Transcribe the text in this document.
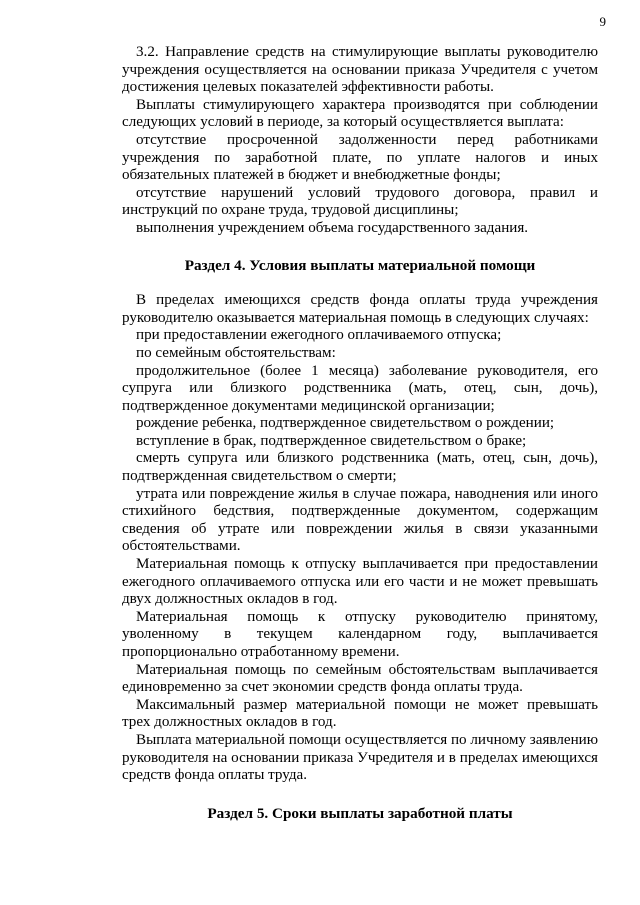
9

3.2. Направление средств на стимулирующие выплаты руководителю учреждения осуществляется на основании приказа Учредителя с учетом достижения целевых показателей эффективности работы.

Выплаты стимулирующего характера производятся при соблюдении следующих условий в периоде, за который осуществляется выплата:

отсутствие просроченной задолженности перед работниками учреждения по заработной плате, по уплате налогов и иных обязательных платежей в бюджет и внебюджетные фонды;

отсутствие нарушений условий трудового договора, правил и инструкций по охране труда, трудовой дисциплины;

выполнения учреждением объема государственного задания.

Раздел 4. Условия выплаты материальной помощи

В пределах имеющихся средств фонда оплаты труда учреждения руководителю оказывается материальная помощь в следующих случаях:

при предоставлении ежегодного оплачиваемого отпуска;

по семейным обстоятельствам:

продолжительное (более 1 месяца) заболевание руководителя, его супруга или близкого родственника (мать, отец, сын, дочь), подтвержденное документами медицинской организации;

рождение ребенка, подтвержденное свидетельством о рождении;

вступление в брак, подтвержденное свидетельством о браке;

смерть супруга или близкого родственника (мать, отец, сын, дочь), подтвержденная свидетельством о смерти;

утрата или повреждение жилья в случае пожара, наводнения или иного стихийного бедствия, подтвержденные документом, содержащим сведения об утрате или повреждении жилья в связи указанными обстоятельствами.

Материальная помощь к отпуску выплачивается при предоставлении ежегодного оплачиваемого отпуска или его части и не может превышать двух должностных окладов в год.

Материальная помощь к отпуску руководителю принятому, уволенному в текущем календарном году, выплачивается пропорционально отработанному времени.

Материальная помощь по семейным обстоятельствам выплачивается единовременно за счет экономии средств фонда оплаты труда.

Максимальный размер материальной помощи не может превышать трех должностных окладов в год.

Выплата материальной помощи осуществляется по личному заявлению руководителя на основании приказа Учредителя и в пределах имеющихся средств фонда оплаты труда.

Раздел 5. Сроки выплаты заработной платы
